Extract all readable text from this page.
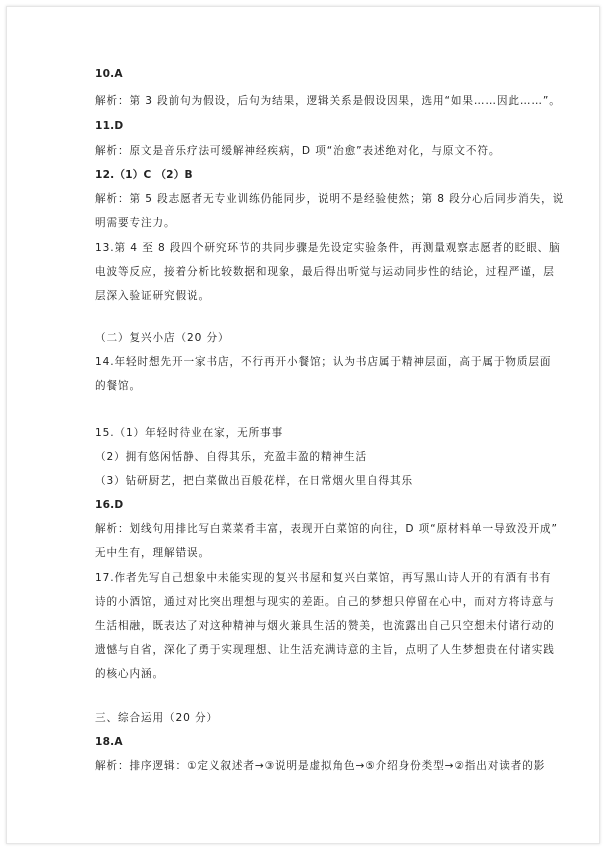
10.A
解析：第 3 段前句为假设，后句为结果，逻辑关系是假设因果，选用“如果……因此……”。
11.D
解析：原文是音乐疗法可缓解神经疾病，D 项“治愈”表述绝对化，与原文不符。
12.（1）C （2）B
解析：第 5 段志愿者无专业训练仍能同步，说明不是经验使然；第 8 段分心后同步消失，说
明需要专注力。
13.第 4 至 8 段四个研究环节的共同步骤是先设定实验条件，再测量观察志愿者的眨眼、脑
电波等反应，接着分析比较数据和现象，最后得出听觉与运动同步性的结论，过程严谨，层
层深入验证研究假说。
（二）复兴小店（20 分）
14.年轻时想先开一家书店，不行再开小餐馆；认为书店属于精神层面，高于属于物质层面
的餐馆。
15.（1）年轻时待业在家，无所事事
（2）拥有悠闲恬静、自得其乐，充盈丰盈的精神生活
（3）钻研厨艺，把白菜做出百般花样，在日常烟火里自得其乐
16.D
解析：划线句用排比写白菜菜肴丰富，表现开白菜馆的向往，D 项“原材料单一导致没开成”
无中生有，理解错误。
17.作者先写自己想象中未能实现的复兴书屋和复兴白菜馆，再写黑山诗人开的有酒有书有
诗的小酒馆，通过对比突出理想与现实的差距。自己的梦想只停留在心中，而对方将诗意与
生活相融，既表达了对这种精神与烟火兼具生活的赞美，也流露出自己只空想未付诸行动的
遗憾与自省，深化了勇于实现理想、让生活充满诗意的主旨，点明了人生梦想贵在付诸实践
的核心内涵。
三、综合运用（20 分）
18.A
解析：排序逻辑：①定义叙述者→③说明是虚拟角色→⑤介绍身份类型→②指出对读者的影
